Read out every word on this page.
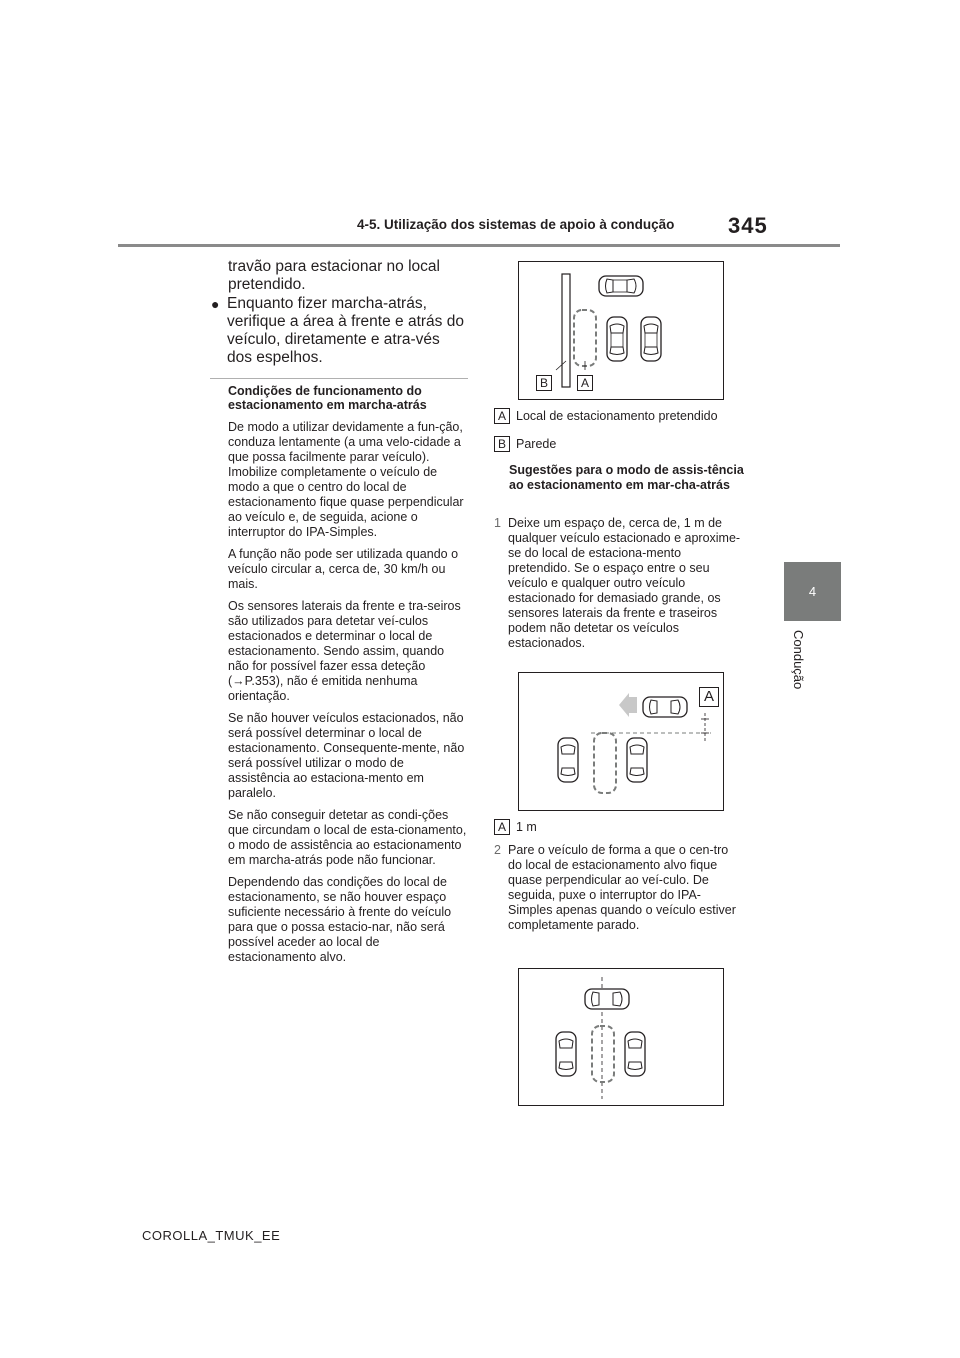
4-5. Utilização dos sistemas de apoio à condução 345
4
Condução
travão para estacionar no local pretendido.
● Enquanto fizer marcha-atrás, verifique a área à frente e atrás do veículo, diretamente e atra-vés dos espelhos.
Condições de funcionamento do estacionamento em marcha-atrás

De modo a utilizar devidamente a fun-ção, conduza lentamente (a uma velo-cidade a que possa facilmente parar veículo). Imobilize completamente o veículo de modo a que o centro do local de estacionamento fique quase perpendicular ao veículo e, de seguida, acione o interruptor do IPA-Simples.

A função não pode ser utilizada quando o veículo circular a, cerca de, 30 km/h ou mais.

Os sensores laterais da frente e tra-seiros são utilizados para detetar veí-culos estacionados e determinar o local de estacionamento. Sendo assim, quando não for possível fazer essa deteção (→P.353), não é emitida nenhuma orientação.

Se não houver veículos estacionados, não será possível determinar o local de estacionamento. Consequente-mente, não será possível utilizar o modo de assistência ao estaciona-mento em paralelo.

Se não conseguir detetar as condi-ções que circundam o local de esta-cionamento, o modo de assistência ao estacionamento em marcha-atrás pode não funcionar.

Dependendo das condições do local de estacionamento, se não houver espaço suficiente necessário à frente do veículo para que o possa estacio-nar, não será possível aceder ao local de estacionamento alvo.

B	A
A Local de estacionamento pretendido
B Parede
Sugestões para o modo de assis-tência ao estacionamento em mar-cha-atrás
1 Deixe um espaço de, cerca de, 1 m de qualquer veículo estacionado e aproxime-se do local de estaciona-mento pretendido. Se o espaço entre o seu veículo e qualquer outro veículo estacionado for demasiado grande, os sensores laterais da frente e traseiros podem não detetar os veículos estacionados.
A
A 1 m
2 Pare o veículo de forma a que o cen-tro do local de estacionamento alvo fique quase perpendicular ao veí-culo. De seguida, puxe o interruptor do IPA-Simples apenas quando o veículo estiver completamente parado.
COROLLA_TMUK_EE
